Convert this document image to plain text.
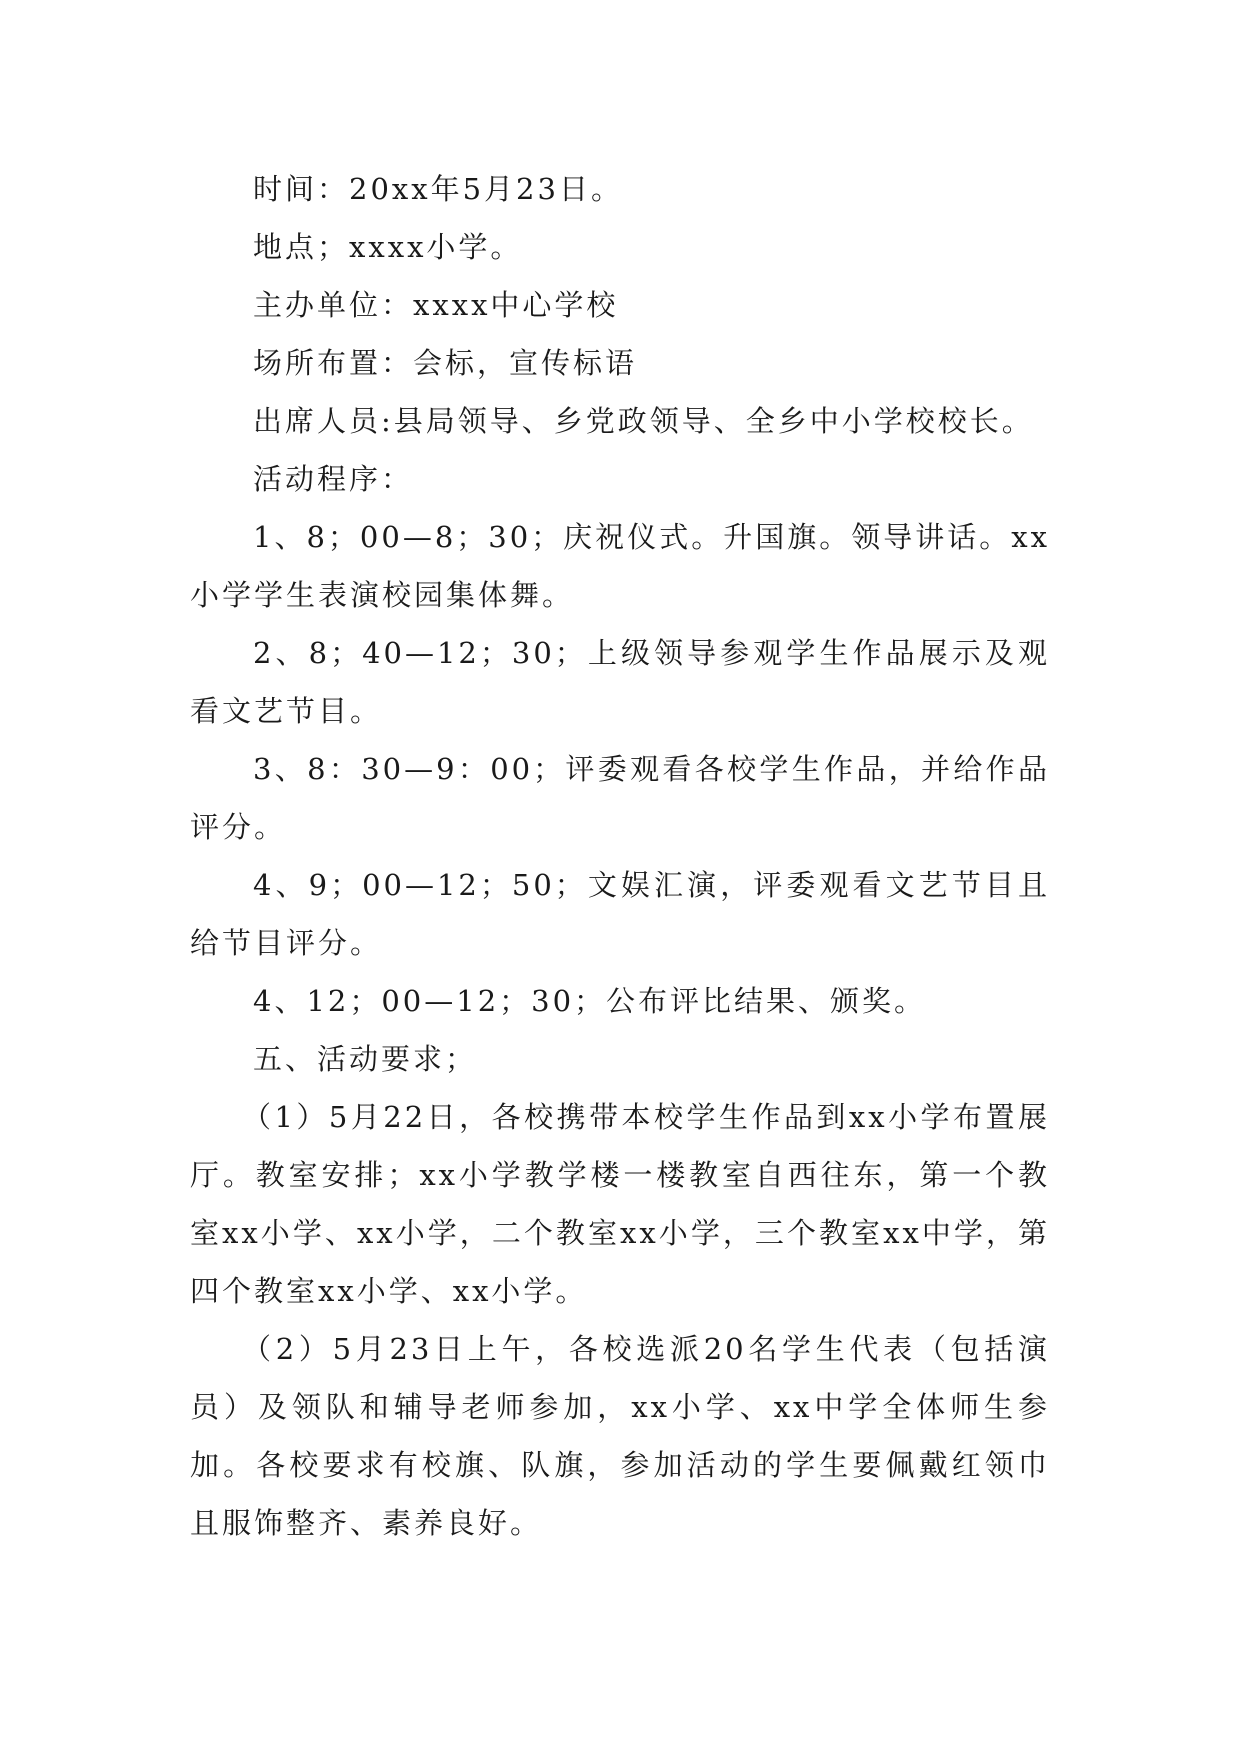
时间：20xx年5月23日。

地点；xxxx小学。

主办单位：xxxx中心学校

场所布置：会标，宣传标语

出席人员:县局领导、乡党政领导、全乡中小学校校长。

活动程序：

1、8；00—8；30；庆祝仪式。升国旗。领导讲话。xx小学学生表演校园集体舞。

2、8；40—12；30；上级领导参观学生作品展示及观看文艺节目。

3、8：30—9：00；评委观看各校学生作品，并给作品评分。

4、9；00—12；50；文娱汇演，评委观看文艺节目且给节目评分。

4、12；00—12；30；公布评比结果、颁奖。

五、活动要求；

（1）5月22日，各校携带本校学生作品到xx小学布置展厅。教室安排；xx小学教学楼一楼教室自西往东，第一个教室xx小学、xx小学，二个教室xx小学，三个教室xx中学，第四个教室xx小学、xx小学。

（2）5月23日上午，各校选派20名学生代表（包括演员）及领队和辅导老师参加，xx小学、xx中学全体师生参加。各校要求有校旗、队旗，参加活动的学生要佩戴红领巾且服饰整齐、素养良好。
